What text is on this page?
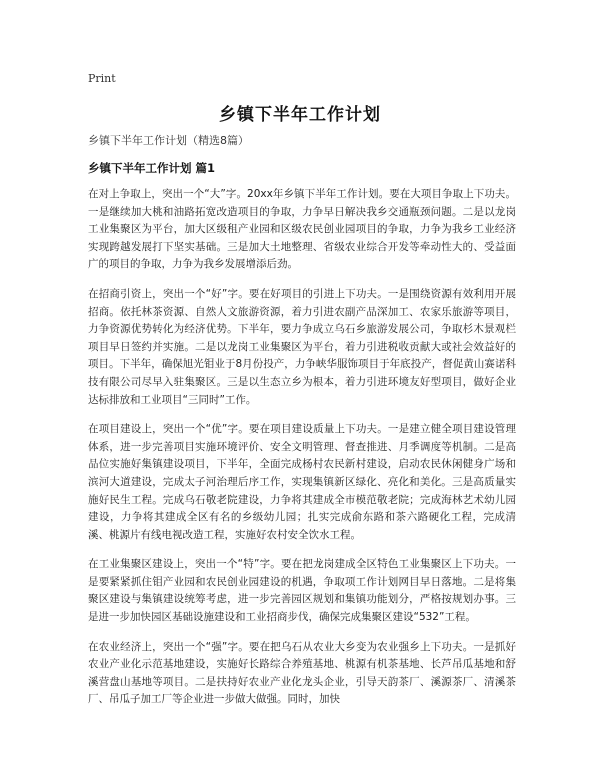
Print
乡镇下半年工作计划
乡镇下半年工作计划（精选8篇）
乡镇下半年工作计划 篇1

在对上争取上，突出一个“大”字。20xx年乡镇下半年工作计划。要在大项目争取上下功夫。一是继续加大桃和油路拓宽改造项目的争取，力争早日解决我乡交通瓶颈问题。二是以龙岗工业集聚区为平台，加大区级租产业园和区级农民创业园项目的争取，力争为我乡工业经济实现跨越发展打下坚实基础。三是加大土地整理、省级农业综合开发等牵动性大的、受益面广的项目的争取，力争为我乡发展增添后劲。

在招商引资上，突出一个“好”字。要在好项目的引进上下功夫。一是围绕资源有效利用开展招商。依托林茶资源、自然人文旅游资源，着力引进农副产品深加工、农家乐旅游等项目，力争资源优势转化为经济优势。下半年，要力争成立乌石乡旅游发展公司，争取杉木景观栏项目早日签约并实施。二是以龙岗工业集聚区为平台，着力引进税收贡献大或社会效益好的项目。下半年，确保旭光钼业于8月份投产，力争峡华服饰项目于年底投产，督促黄山赛诺科技有限公司尽早入驻集聚区。三是以生态立乡为根本，着力引进环境友好型项目，做好企业达标排放和工业项目“三同时”工作。

在项目建设上，突出一个“优”字。要在项目建设质量上下功夫。一是建立健全项目建设管理体系，进一步完善项目实施环境评价、安全文明管理、督查推进、月季调度等机制。二是高品位实施好集镇建设项目，下半年，全面完成杨村农民新村建设，启动农民休闲健身广场和滨河大道建设，完成太子河治理后序工作，实现集镇新区绿化、亮化和美化。三是高质量实施好民生工程。完成乌石敬老院建设，力争将其建成全市模范敬老院；完成海林艺术幼儿园建设，力争将其建成全区有名的乡级幼儿园；扎实完成俞东路和茶六路硬化工程，完成清溪、桃源片有线电视改造工程，实施好农村安全饮水工程。

在工业集聚区建设上，突出一个“特”字。要在把龙岗建成全区特色工业集聚区上下功夫。一是要紧紧抓住钼产业园和农民创业园建设的机遇，争取项工作计划网目早日落地。二是将集聚区建设与集镇建设统筹考虑，进一步完善园区规划和集镇功能划分，严格按规划办事。三是进一步加快园区基础设施建设和工业招商步伐，确保完成集聚区建设“532”工程。

在农业经济上，突出一个“强”字。要在把乌石从农业大乡变为农业强乡上下功夫。一是抓好农业产业化示范基地建设，实施好长路综合养殖基地、桃源有机茶基地、长芦吊瓜基地和舒溪营盘山基地等项目。二是扶持好农业产业化龙头企业，引导天韵茶厂、溪源茶厂、清溪茶厂、吊瓜子加工厂等企业进一步做大做强。同时，加快
